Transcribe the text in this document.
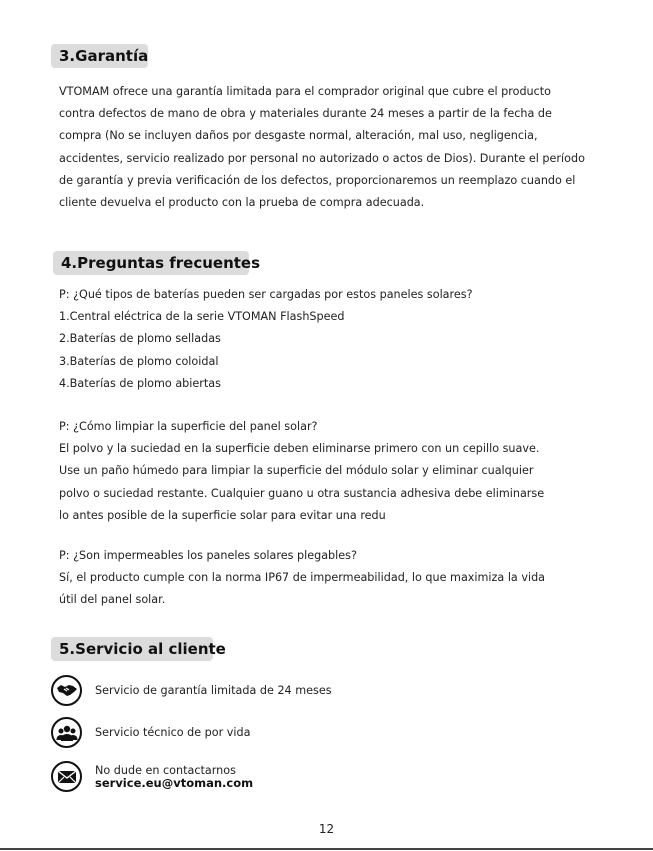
3.Garantía
VTOMAM ofrece una garantía limitada para el comprador original que cubre el producto
contra defectos de mano de obra y materiales durante 24 meses a partir de la fecha de
compra (No se incluyen daños por desgaste normal, alteración, mal uso, negligencia,
accidentes, servicio realizado por personal no autorizado o actos de Dios). Durante el período
de garantía y previa verificación de los defectos, proporcionaremos un reemplazo cuando el
cliente devuelva el producto con la prueba de compra adecuada.
4.Preguntas frecuentes
P: ¿Qué tipos de baterías pueden ser cargadas por estos paneles solares?
1.Central eléctrica de la serie VTOMAN FlashSpeed
2.Baterías de plomo selladas
3.Baterías de plomo coloidal
4.Baterías de plomo abiertas
P: ¿Cómo limpiar la superficie del panel solar?
El polvo y la suciedad en la superficie deben eliminarse primero con un cepillo suave.
Use un paño húmedo para limpiar la superficie del módulo solar y eliminar cualquier
polvo o suciedad restante. Cualquier guano u otra sustancia adhesiva debe eliminarse
lo antes posible de la superficie solar para evitar una redu
P: ¿Son impermeables los paneles solares plegables?
Sí, el producto cumple con la norma IP67 de impermeabilidad, lo que maximiza la vida
útil del panel solar.
5.Servicio al cliente
Servicio de garantía limitada de 24 meses
Servicio técnico de por vida
No dude en contactarnos
service.eu@vtoman.com
12
